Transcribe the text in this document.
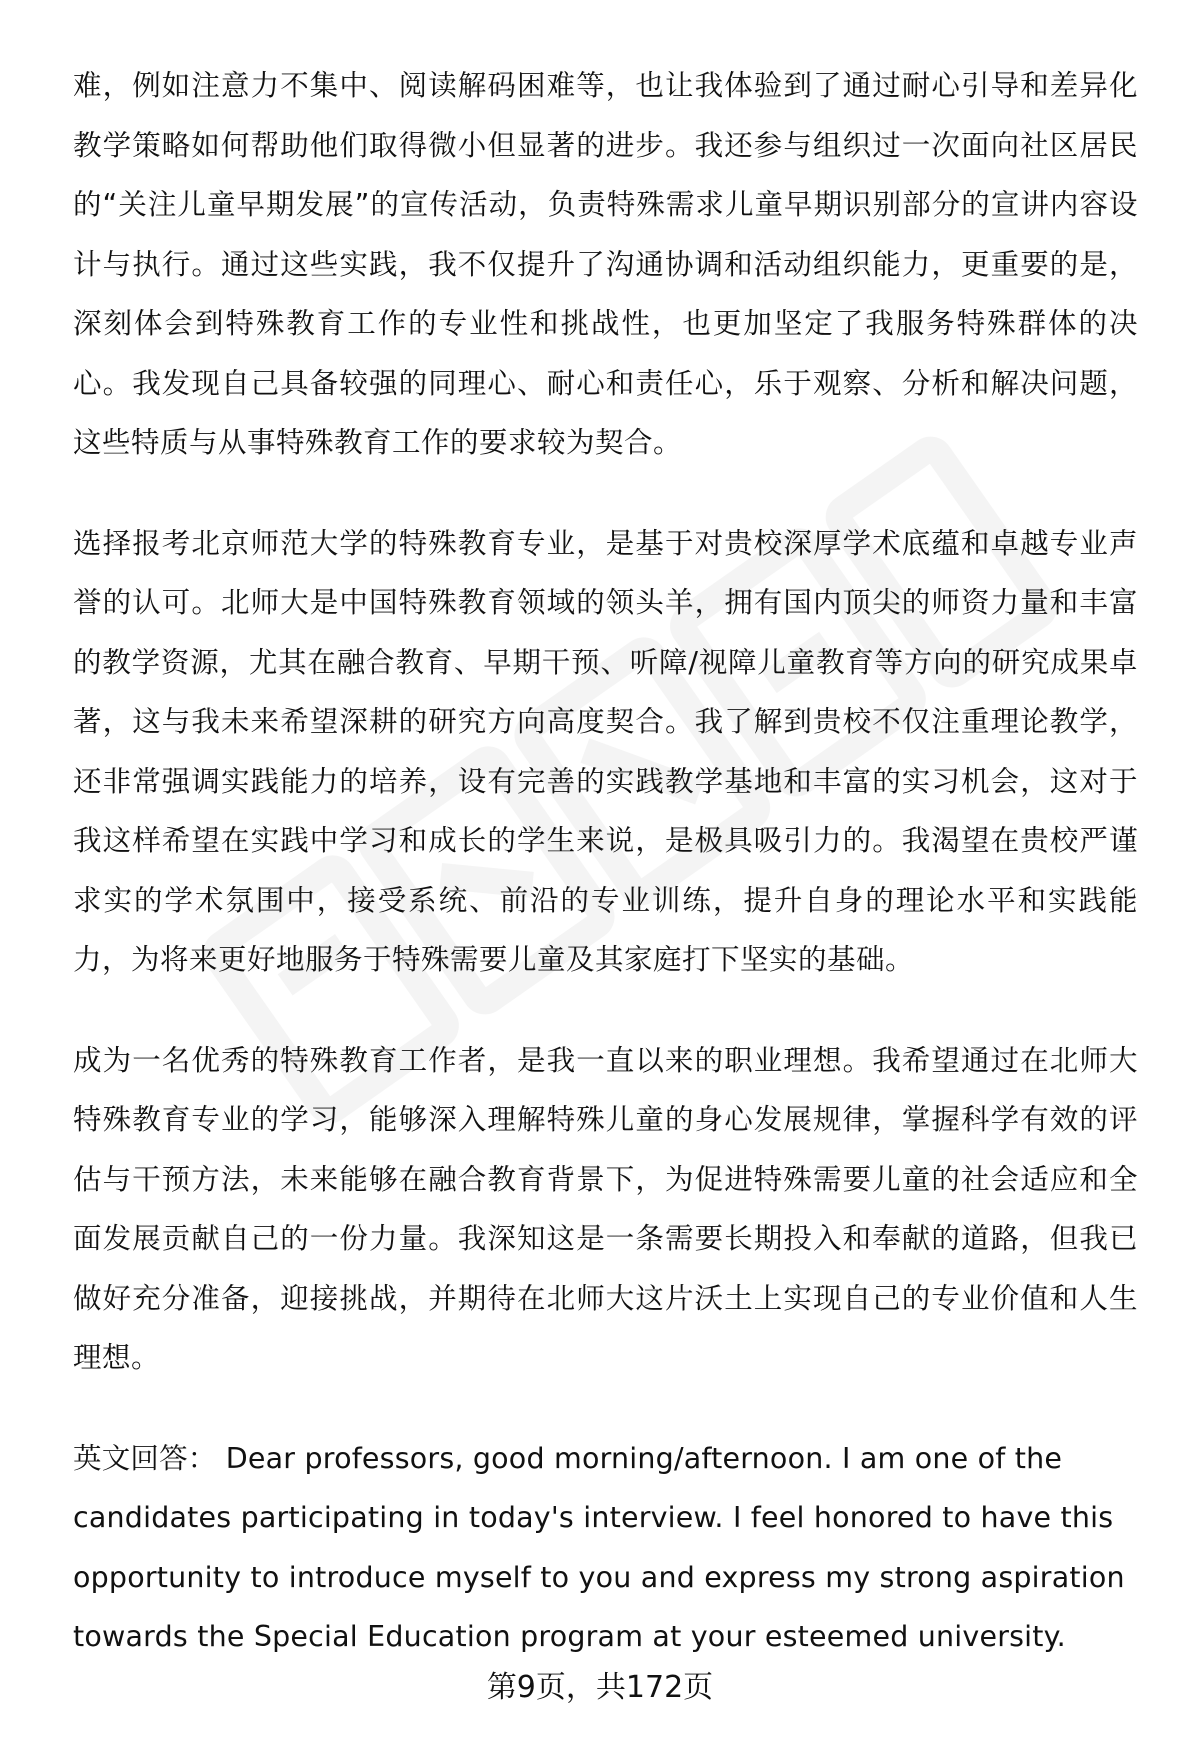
难，例如注意力不集中、阅读解码困难等，也让我体验到了通过耐心引导和差异化教学策略如何帮助他们取得微小但显著的进步。我还参与组织过一次面向社区居民的“关注儿童早期发展”的宣传活动，负责特殊需求儿童早期识别部分的宣讲内容设计与执行。通过这些实践，我不仅提升了沟通协调和活动组织能力，更重要的是，深刻体会到特殊教育工作的专业性和挑战性，也更加坚定了我服务特殊群体的决心。我发现自己具备较强的同理心、耐心和责任心，乐于观察、分析和解决问题，这些特质与从事特殊教育工作的要求较为契合。

选择报考北京师范大学的特殊教育专业，是基于对贵校深厚学术底蕴和卓越专业声誉的认可。北师大是中国特殊教育领域的领头羊，拥有国内顶尖的师资力量和丰富的教学资源，尤其在融合教育、早期干预、听障/视障儿童教育等方向的研究成果卓著，这与我未来希望深耕的研究方向高度契合。我了解到贵校不仅注重理论教学，还非常强调实践能力的培养，设有完善的实践教学基地和丰富的实习机会，这对于我这样希望在实践中学习和成长的学生来说，是极具吸引力的。我渴望在贵校严谨求实的学术氛围中，接受系统、前沿的专业训练，提升自身的理论水平和实践能力，为将来更好地服务于特殊需要儿童及其家庭打下坚实的基础。

成为一名优秀的特殊教育工作者，是我一直以来的职业理想。我希望通过在北师大特殊教育专业的学习，能够深入理解特殊儿童的身心发展规律，掌握科学有效的评估与干预方法，未来能够在融合教育背景下，为促进特殊需要儿童的社会适应和全面发展贡献自己的一份力量。我深知这是一条需要长期投入和奉献的道路，但我已做好充分准备，迎接挑战，并期待在北师大这片沃土上实现自己的专业价值和人生理想。

英文回答： Dear professors, good morning/afternoon. I am one of the candidates participating in today's interview. I feel honored to have this opportunity to introduce myself to you and express my strong aspiration towards the Special Education program at your esteemed university.

第9页，共172页
